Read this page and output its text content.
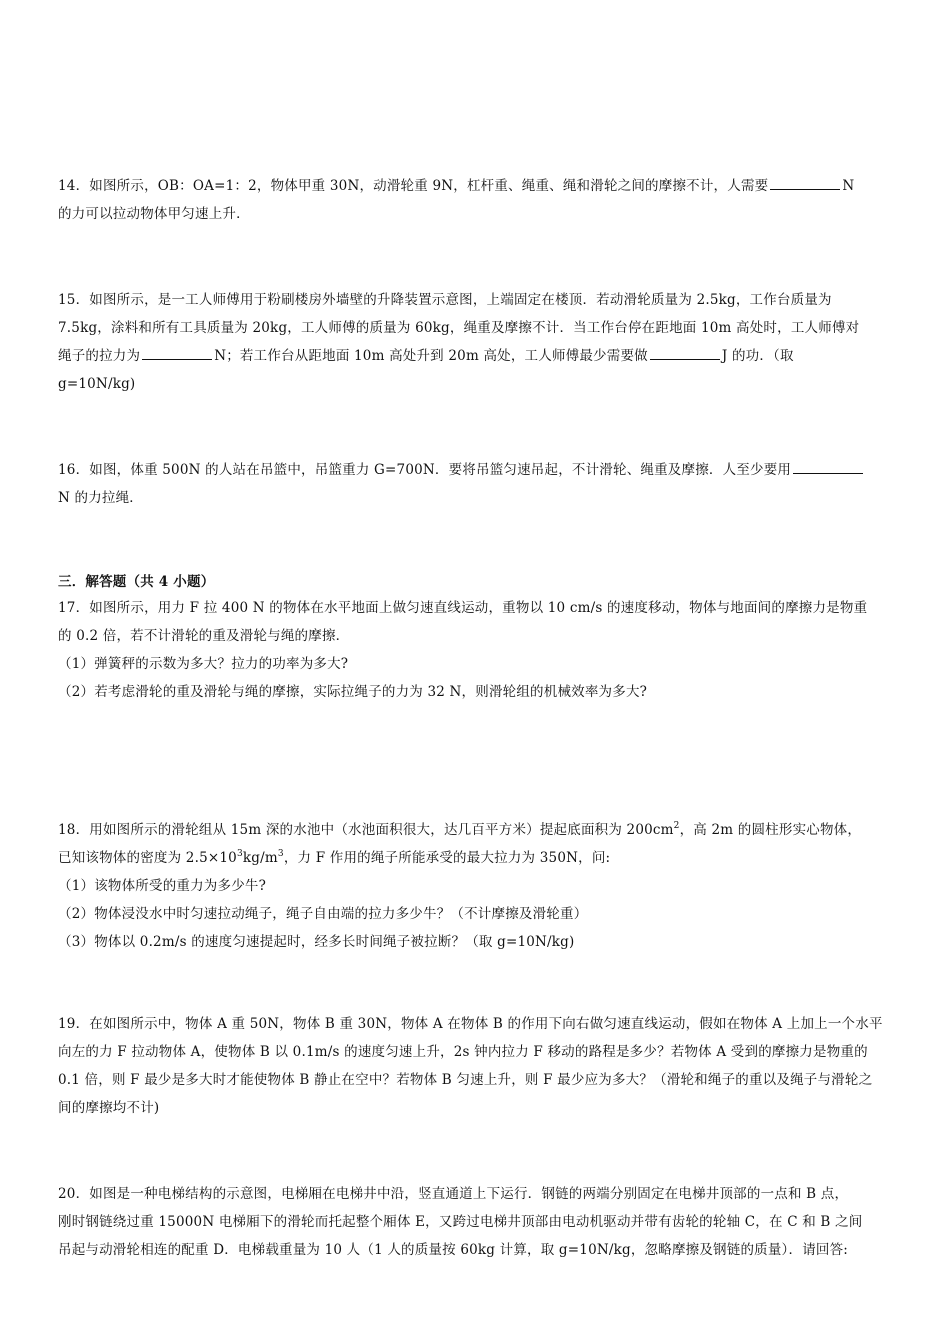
14．如图所示，OB：OA=1：2，物体甲重 30N，动滑轮重 9N，杠杆重、绳重、绳和滑轮之间的摩擦不计，人需要	N
的力可以拉动物体甲匀速上升．
15．如图所示，是一工人师傅用于粉刷楼房外墙壁的升降装置示意图，上端固定在楼顶．若动滑轮质量为 2.5kg，工作台质量为
7.5kg，涂料和所有工具质量为 20kg，工人师傅的质量为 60kg，绳重及摩擦不计．当工作台停在距地面 10m 高处时，工人师傅对
绳子的拉力为	N；若工作台从距地面 10m 高处升到 20m 高处，工人师傅最少需要做	J 的功．（取
g=10N/kg)
16．如图，体重 500N 的人站在吊篮中，吊篮重力 G=700N．要将吊篮匀速吊起，不计滑轮、绳重及摩擦．人至少要用
N 的力拉绳．
三．解答题（共 4 小题）
17．如图所示，用力 F 拉 400 N 的物体在水平地面上做匀速直线运动，重物以 10 cm/s 的速度移动，物体与地面间的摩擦力是物重
的 0.2 倍，若不计滑轮的重及滑轮与绳的摩擦．
（1）弹簧秤的示数为多大？拉力的功率为多大?
（2）若考虑滑轮的重及滑轮与绳的摩擦，实际拉绳子的力为 32 N，则滑轮组的机械效率为多大?
18．用如图所示的滑轮组从 15m 深的水池中（水池面积很大，达几百平方米）提起底面积为 $200cm^2$，高 2m 的圆柱形实心物体，
已知该物体的密度为 $2.5\times 10^3kg/m^3$，力 F 作用的绳子所能承受的最大拉力为 350N，问:
（1）该物体所受的重力为多少牛?
（2）物体浸没水中时匀速拉动绳子，绳子自由端的拉力多少牛？（不计摩擦及滑轮重）
（3）物体以 0.2m/s 的速度匀速提起时，经多长时间绳子被拉断？（取 g=10N/kg)
19．在如图所示中，物体 A 重 50N，物体 B 重 30N，物体 A 在物体 B 的作用下向右做匀速直线运动，假如在物体 A 上加上一个水平
向左的力 F 拉动物体 A，使物体 B 以 0.1m/s 的速度匀速上升，2s 钟内拉力 F 移动的路程是多少？若物体 A 受到的摩擦力是物重的
0.1 倍，则 F 最少是多大时才能使物体 B 静止在空中？若物体 B 匀速上升，则 F 最少应为多大？（滑轮和绳子的重以及绳子与滑轮之
间的摩擦均不计)
20．如图是一种电梯结构的示意图，电梯厢在电梯井中沿，竖直通道上下运行．钢链的两端分别固定在电梯井顶部的一点和 B 点，
刚时钢链绕过重 15000N 电梯厢下的滑轮而托起整个厢体 E，又跨过电梯井顶部由电动机驱动并带有齿轮的轮轴 C，在 C 和 B 之间
吊起与动滑轮相连的配重 D．电梯载重量为 10 人（1 人的质量按 60kg 计算，取 g=10N/kg，忽略摩擦及钢链的质量）．请回答:
